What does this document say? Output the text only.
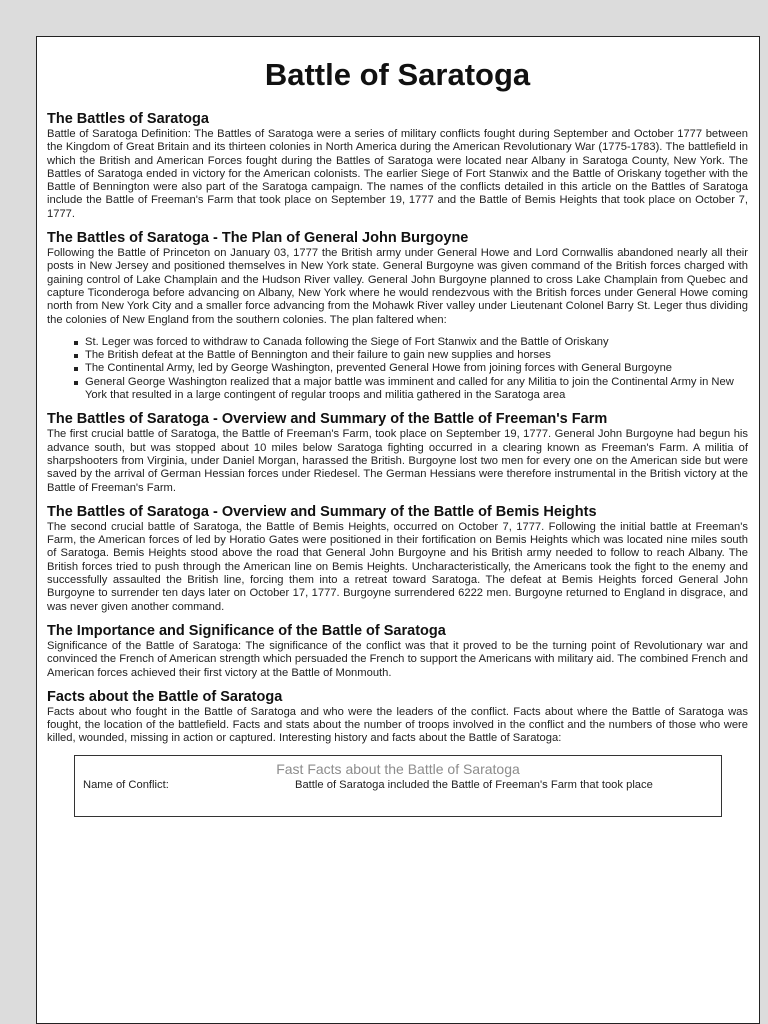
Battle of Saratoga
The Battles of Saratoga

Battle of Saratoga Definition: The Battles of Saratoga were a series of military conflicts fought during September and October 1777 between the Kingdom of Great Britain and its thirteen colonies in North America during the American Revolutionary War (1775-1783). The battlefield in which the British and American Forces fought during the Battles of Saratoga were located near Albany in Saratoga County, New York. The Battles of Saratoga ended in victory for the American colonists. The earlier Siege of Fort Stanwix and the Battle of Oriskany together with the Battle of Bennington were also part of the Saratoga campaign. The names of the conflicts detailed in this article on the Battles of Saratoga include the Battle of Freeman's Farm that took place on September 19, 1777 and the Battle of Bemis Heights that took place on October 7, 1777.

The Battles of Saratoga - The Plan of General John Burgoyne

Following the Battle of Princeton on January 03, 1777 the British army under General Howe and Lord Cornwallis abandoned nearly all their posts in New Jersey and positioned themselves in New York state. General Burgoyne was given command of the British forces charged with gaining control of Lake Champlain and the Hudson River valley. General John Burgoyne planned to cross Lake Champlain from Quebec and capture Ticonderoga before advancing on Albany, New York where he would rendezvous with the British forces under General Howe coming north from New York City and a smaller force advancing from the Mohawk River valley under Lieutenant Colonel Barry St. Leger thus dividing the colonies of New England from the southern colonies. The plan faltered when:

St. Leger was forced to withdraw to Canada following the Siege of Fort Stanwix and the Battle of Oriskany
The British defeat at the Battle of Bennington and their failure to gain new supplies and horses
The Continental Army, led by George Washington, prevented General Howe from joining forces with General Burgoyne
General George Washington realized that a major battle was imminent and called for any Militia to join the Continental Army in New York that resulted in a large contingent of regular troops and militia gathered in the Saratoga area
The Battles of Saratoga - Overview and Summary of the Battle of Freeman's Farm

The first crucial battle of Saratoga, the Battle of Freeman's Farm, took place on September 19, 1777. General John Burgoyne had begun his advance south, but was stopped about 10 miles below Saratoga fighting occurred in a clearing known as Freeman's Farm. A militia of sharpshooters from Virginia, under Daniel Morgan, harassed the British. Burgoyne lost two men for every one on the American side but were saved by the arrival of German Hessian forces under Riedesel. The German Hessians were therefore instrumental in the British victory at the Battle of Freeman's Farm.

The Battles of Saratoga - Overview and Summary of the Battle of Bemis Heights

The second crucial battle of Saratoga, the Battle of Bemis Heights, occurred on October 7, 1777. Following the initial battle at Freeman's Farm, the American forces of led by Horatio Gates were positioned in their fortification on Bemis Heights which was located nine miles south of Saratoga. Bemis Heights stood above the road that General John Burgoyne and his British army needed to follow to reach Albany. The British forces tried to push through the American line on Bemis Heights. Uncharacteristically, the Americans took the fight to the enemy and successfully assaulted the British line, forcing them into a retreat toward Saratoga. The defeat at Bemis Heights forced General John Burgoyne to surrender ten days later on October 17, 1777. Burgoyne surrendered 6222 men. Burgoyne returned to England in disgrace, and was never given another command.

The Importance and Significance of the Battle of Saratoga

Significance of the Battle of Saratoga: The significance of the conflict was that it proved to be the turning point of Revolutionary war and convinced the French of American strength which persuaded the French to support the Americans with military aid. The combined French and American forces achieved their first victory at the Battle of Monmouth.

Facts about the Battle of Saratoga

Facts about who fought in the Battle of Saratoga and who were the leaders of the conflict. Facts about where the Battle of Saratoga was fought, the location of the battlefield. Facts and stats about the number of troops involved in the conflict and the numbers of those who were killed, wounded, missing in action or captured. Interesting history and facts about the Battle of Saratoga:

Fast Facts about the Battle of Saratoga
Name of Conflict:	Battle of Saratoga included the Battle of Freeman's Farm that took place
